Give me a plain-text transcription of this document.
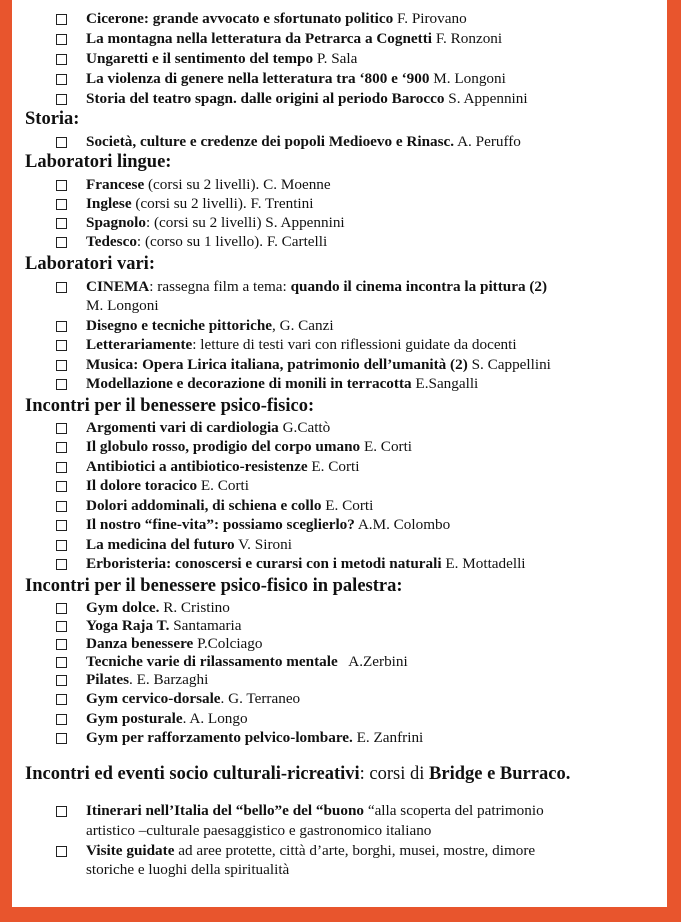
Cicerone: grande avvocato e sfortunato politico F. Pirovano
La montagna nella letteratura da Petrarca a Cognetti F. Ronzoni
Ungaretti e il sentimento del tempo P. Sala
La violenza di genere nella letteratura tra ‘800 e ‘900 M. Longoni
Storia del teatro spagn. dalle origini al periodo Barocco S. Appennini
Storia:
Società, culture e credenze dei popoli Medioevo e Rinasc. A. Peruffo
Laboratori lingue:
Francese (corsi su 2 livelli). C. Moenne
Inglese (corsi su 2 livelli). F. Trentini
Spagnolo: (corsi su 2 livelli) S. Appennini
Tedesco: (corso su 1 livello). F. Cartelli
Laboratori vari:
CINEMA: rassegna film a tema: quando il cinema incontra la pittura (2)
M. Longoni
Disegno e tecniche pittoriche, G. Canzi
Letterariamente: letture di testi vari con riflessioni guidate da docenti
Musica: Opera Lirica italiana, patrimonio dell’umanità (2) S. Cappellini
Modellazione e decorazione di monili in terracotta E.Sangalli
Incontri per il benessere psico-fisico:
Argomenti vari di cardiologia G.Cattò
Il globulo rosso, prodigio del corpo umano E. Corti
Antibiotici a antibiotico-resistenze E. Corti
Il dolore toracico E. Corti
Dolori addominali, di schiena e collo E. Corti
Il nostro “fine-vita”: possiamo sceglierlo? A.M. Colombo
La medicina del futuro V. Sironi
Erboristeria: conoscersi e curarsi con i metodi naturali E. Mottadelli
Incontri per il benessere psico-fisico in palestra:
Gym dolce. R. Cristino
Yoga Raja T. Santamaria
Danza benessere P.Colciago
Tecniche varie di rilassamento mentale   A.Zerbini
Pilates. E. Barzaghi
Gym cervico-dorsale. G. Terraneo
Gym posturale. A. Longo
Gym per rafforzamento pelvico-lombare. E. Zanfrini
Incontri ed eventi socio culturali-ricreativi: corsi di Bridge e Burraco.
Itinerari nell’Italia del “bello”e del “buono “alla scoperta del patrimonio
artistico –culturale paesaggistico e gastronomico italiano
Visite guidate ad aree protette, città d’arte, borghi, musei, mostre, dimore
storiche e luoghi della spiritualità
